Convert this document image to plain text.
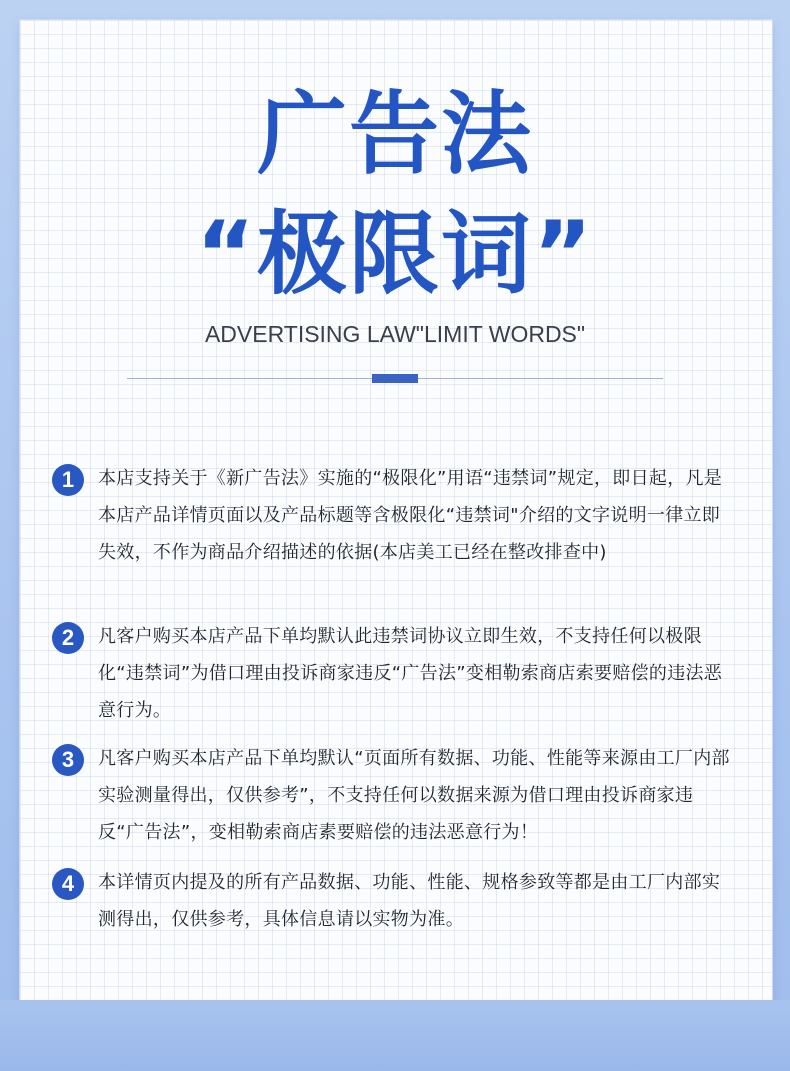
广告法
“极限词”

ADVERTISING LAW"LIMIT WORDS"

1	本店支持关于《新广告法》实施的“极限化”用语“违禁词”规定，即日起，凡是本店产品详情页面以及产品标题等含极限化“违禁词"介绍的文字说明一律立即失效，不作为商品介绍描述的依据(本店美工已经在整改排查中)

2	凡客户购买本店产品下单均默认此违禁词协议立即生效，不支持任何以极限化“违禁词”为借口理由投诉商家违反“广告法”变相勒索商店索要赔偿的违法恶意行为。

3	凡客户购买本店产品下单均默认“页面所有数据、功能、性能等来源由工厂内部实验测量得出，仅供参考”，不支持任何以数据来源为借口理由投诉商家违反“广告法”，变相勒索商店素要赔偿的违法恶意行为！

4	本详情页内提及的所有产品数据、功能、性能、规格参致等都是由工厂内部实测得出，仅供参考，具体信息请以实物为准。
